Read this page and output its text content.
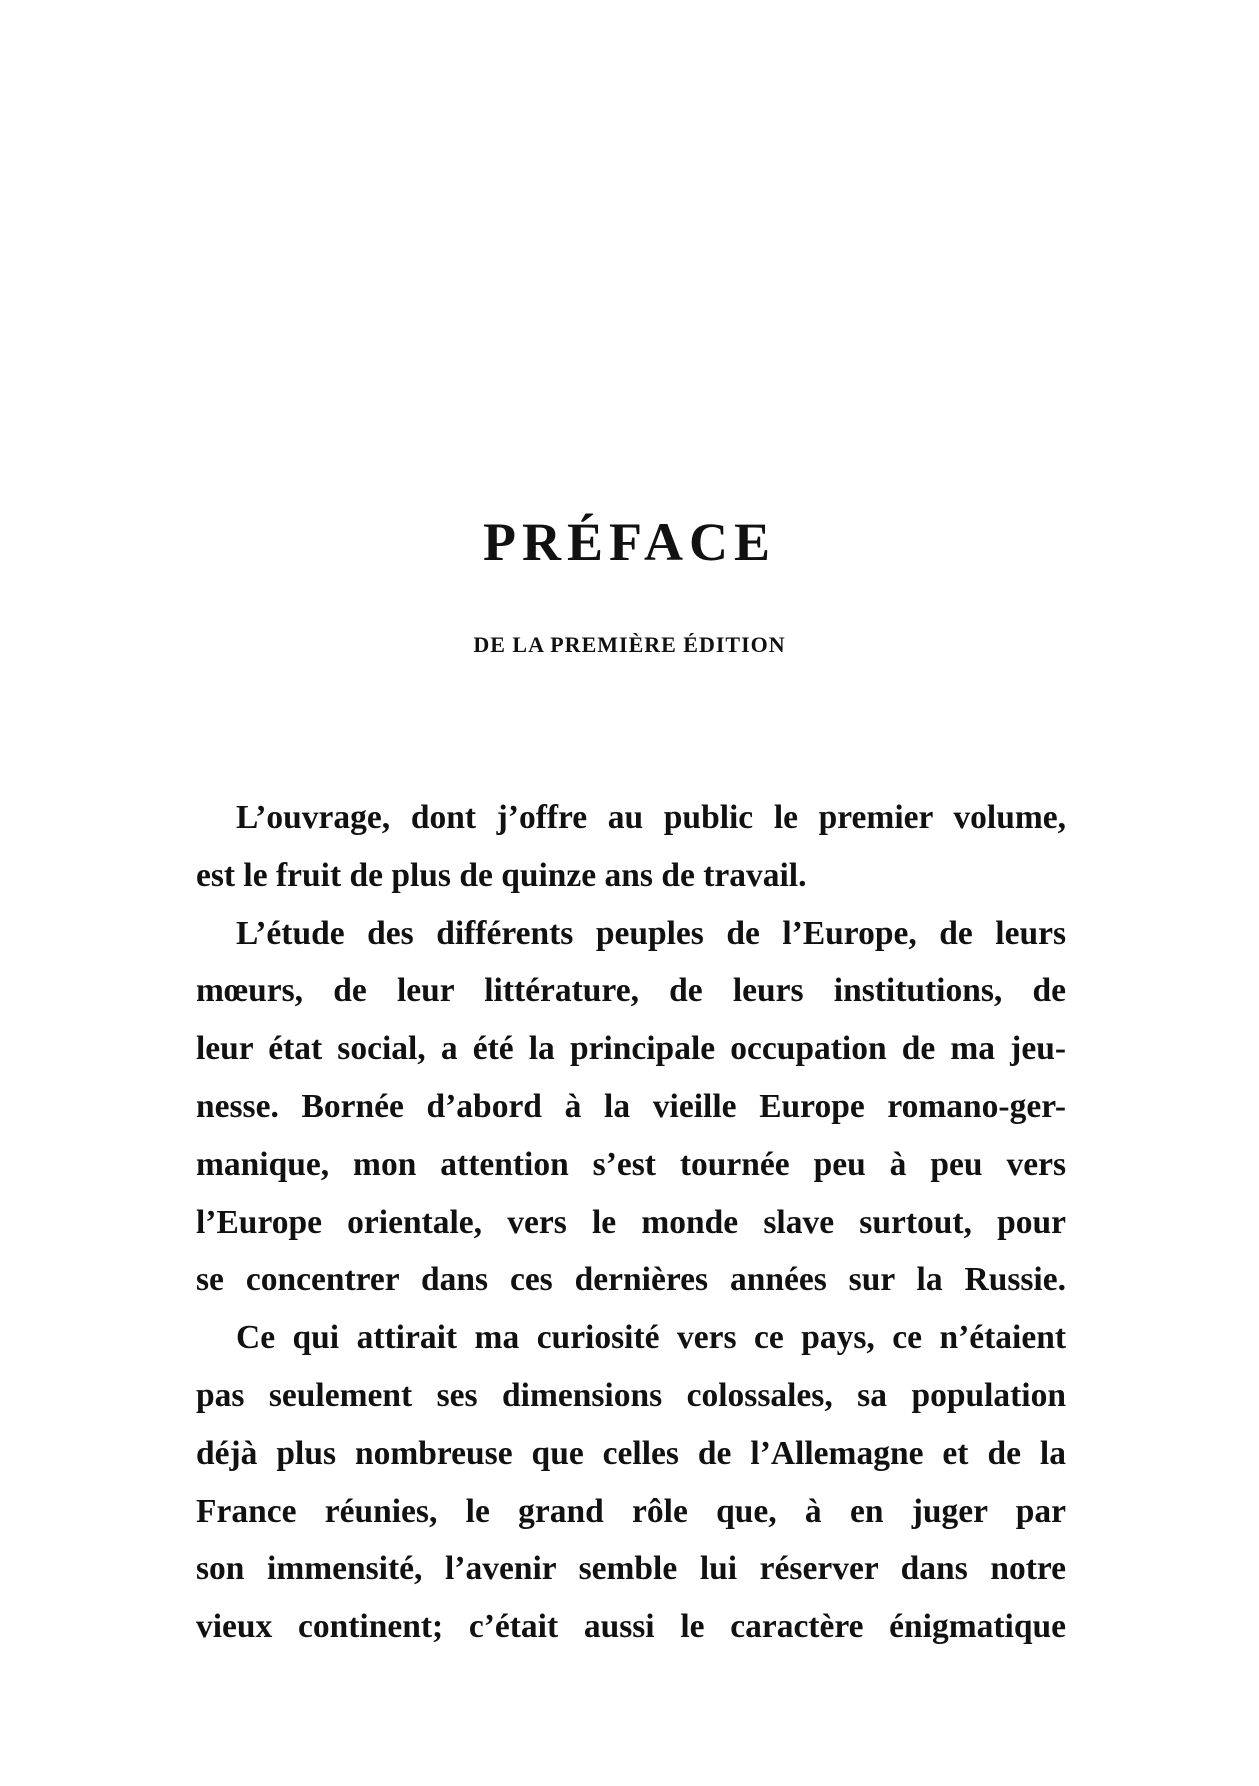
PRÉFACE
DE LA PREMIÈRE ÉDITION
L’ouvrage, dont j’offre au public le premier volume,
est le fruit de plus de quinze ans de travail.
L’étude des différents peuples de l’Europe, de leurs
mœurs, de leur littérature, de leurs institutions, de
leur état social, a été la principale occupation de ma jeu-
nesse. Bornée d’abord à la vieille Europe romano-ger-
manique, mon attention s’est tournée peu à peu vers
l’Europe orientale, vers le monde slave surtout, pour
se concentrer dans ces dernières années sur la Russie.
Ce qui attirait ma curiosité vers ce pays, ce n’étaient
pas seulement ses dimensions colossales, sa population
déjà plus nombreuse que celles de l’Allemagne et de la
France réunies, le grand rôle que, à en juger par
son immensité, l’avenir semble lui réserver dans notre
vieux continent; c’était aussi le caractère énigmatique
